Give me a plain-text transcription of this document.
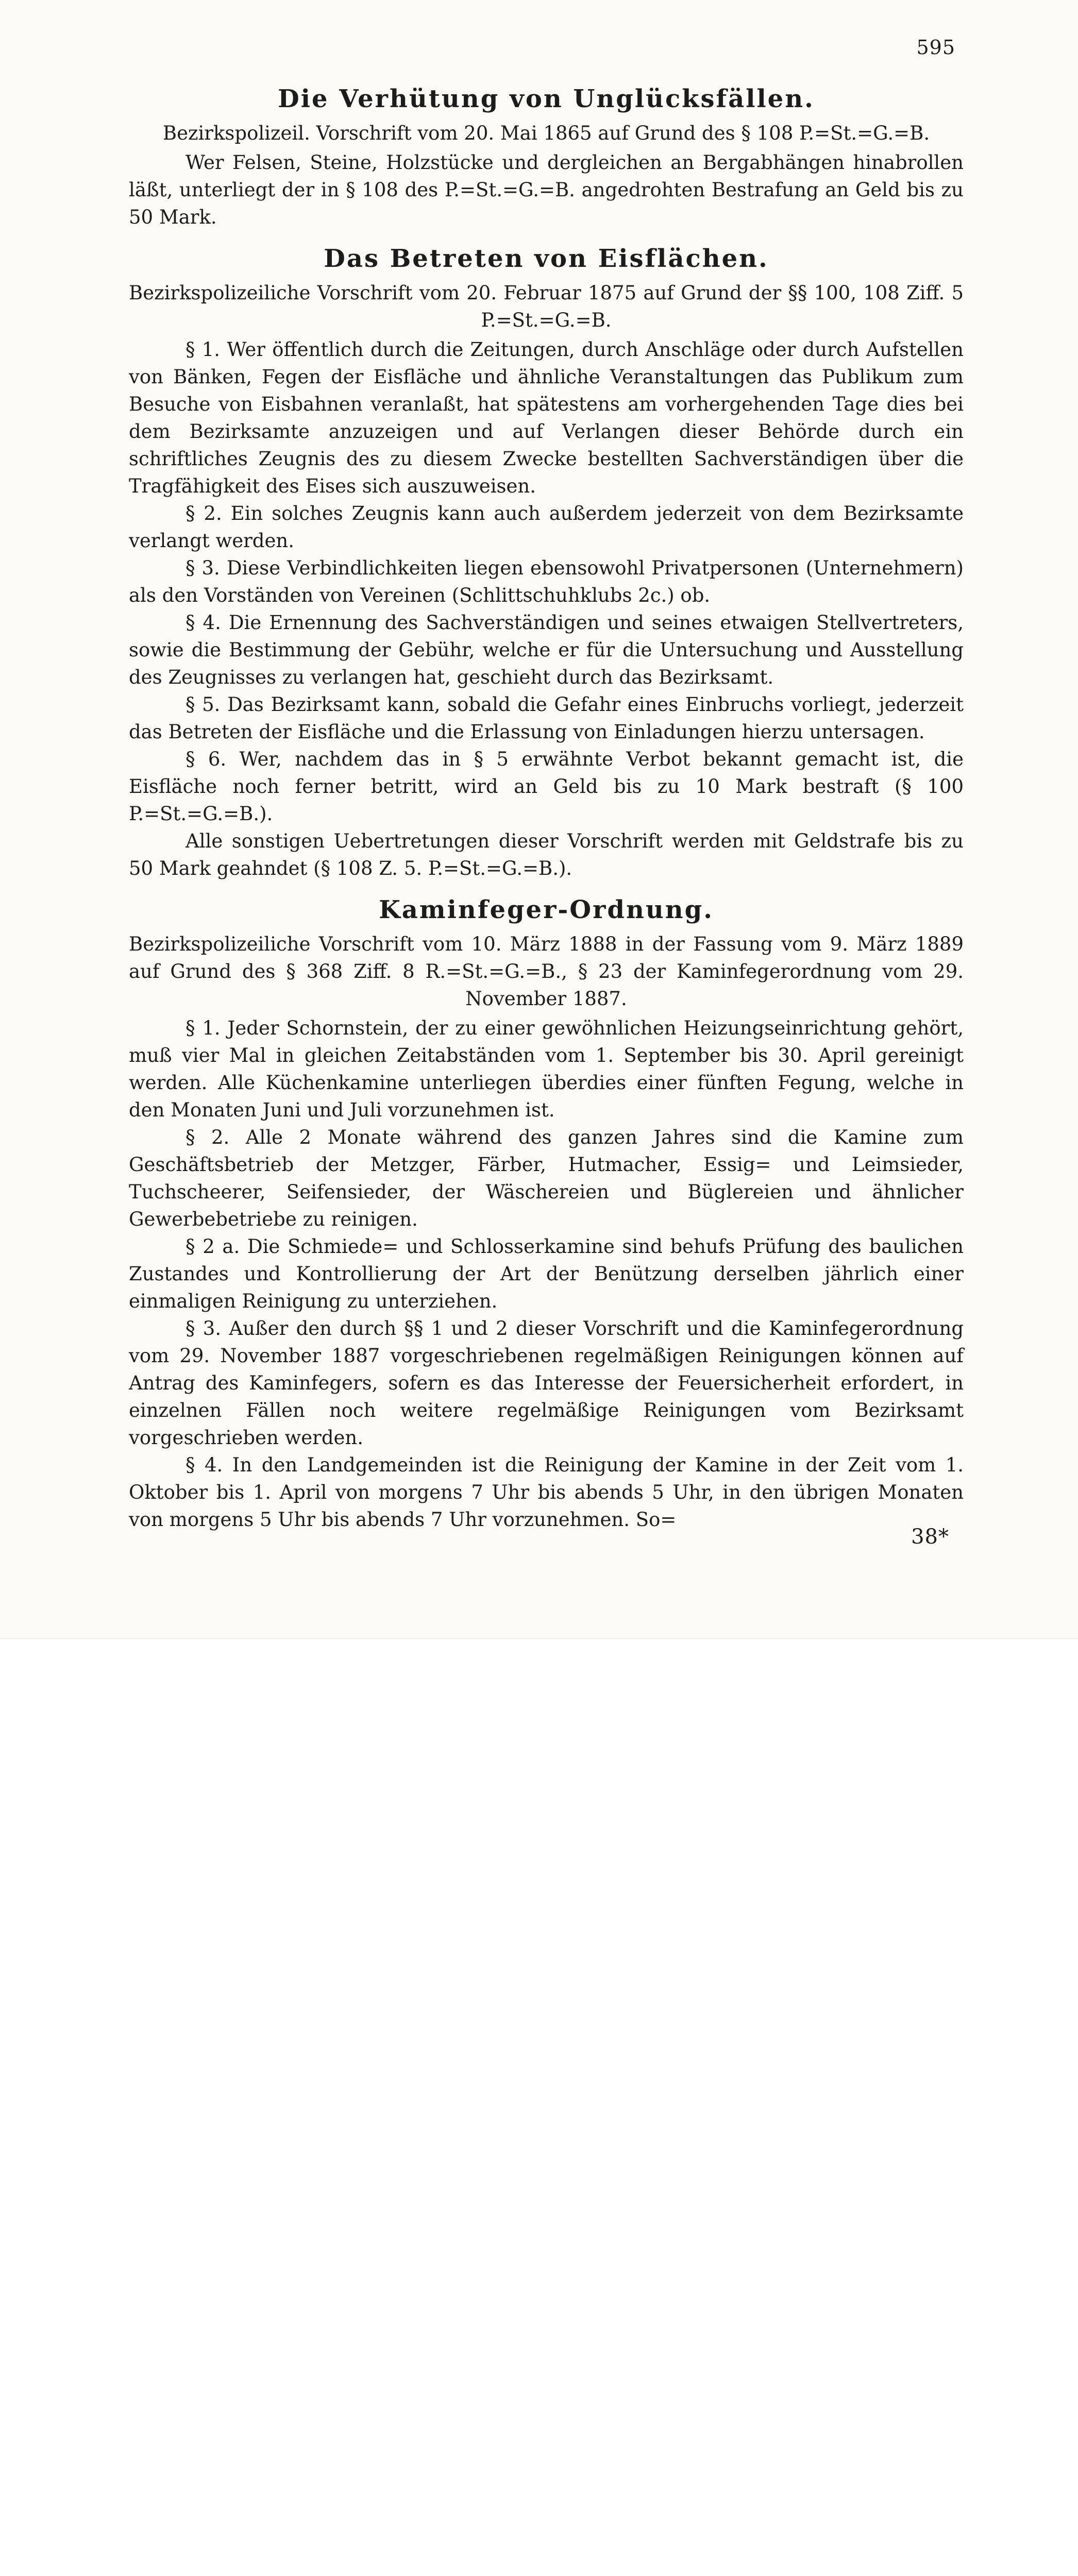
595
Die Verhütung von Unglücksfällen.

Bezirkspolizeil. Vorschrift vom 20. Mai 1865 auf Grund des § 108 P.=St.=G.=B.

Wer Felsen, Steine, Holzstücke und dergleichen an Bergabhängen hinabrollen läßt, unterliegt der in § 108 des P.=St.=G.=B. angedrohten Bestrafung an Geld bis zu 50 Mark.

Das Betreten von Eisflächen.

Bezirkspolizeiliche Vorschrift vom 20. Februar 1875 auf Grund der §§ 100, 108 Ziff. 5 P.=St.=G.=B.

§ 1. Wer öffentlich durch die Zeitungen, durch Anschläge oder durch Aufstellen von Bänken, Fegen der Eisfläche und ähnliche Veranstaltungen das Publikum zum Besuche von Eisbahnen veranlaßt, hat spätestens am vorhergehenden Tage dies bei dem Bezirksamte anzuzeigen und auf Verlangen dieser Behörde durch ein schriftliches Zeugnis des zu diesem Zwecke bestellten Sachverständigen über die Tragfähigkeit des Eises sich auszuweisen.

§ 2. Ein solches Zeugnis kann auch außerdem jederzeit von dem Bezirksamte verlangt werden.

§ 3. Diese Verbindlichkeiten liegen ebensowohl Privatpersonen (Unternehmern) als den Vorständen von Vereinen (Schlittschuhklubs 2c.) ob.

§ 4. Die Ernennung des Sachverständigen und seines etwaigen Stellvertreters, sowie die Bestimmung der Gebühr, welche er für die Untersuchung und Ausstellung des Zeugnisses zu verlangen hat, geschieht durch das Bezirksamt.

§ 5. Das Bezirksamt kann, sobald die Gefahr eines Einbruchs vorliegt, jederzeit das Betreten der Eisfläche und die Erlassung von Einladungen hierzu untersagen.

§ 6. Wer, nachdem das in § 5 erwähnte Verbot bekannt gemacht ist, die Eisfläche noch ferner betritt, wird an Geld bis zu 10 Mark bestraft (§ 100 P.=St.=G.=B.).

Alle sonstigen Uebertretungen dieser Vorschrift werden mit Geldstrafe bis zu 50 Mark geahndet (§ 108 Z. 5. P.=St.=G.=B.).

Kaminfeger-Ordnung.

Bezirkspolizeiliche Vorschrift vom 10. März 1888 in der Fassung vom 9. März 1889 auf Grund des § 368 Ziff. 8 R.=St.=G.=B., § 23 der Kaminfegerordnung vom 29. November 1887.

§ 1. Jeder Schornstein, der zu einer gewöhnlichen Heizungseinrichtung gehört, muß vier Mal in gleichen Zeitabständen vom 1. September bis 30. April gereinigt werden. Alle Küchenkamine unterliegen überdies einer fünften Fegung, welche in den Monaten Juni und Juli vorzunehmen ist.

§ 2. Alle 2 Monate während des ganzen Jahres sind die Kamine zum Geschäftsbetrieb der Metzger, Färber, Hutmacher, Essig= und Leimsieder, Tuchscheerer, Seifensieder, der Wäschereien und Büglereien und ähnlicher Gewerbebetriebe zu reinigen.

§ 2 a. Die Schmiede= und Schlosserkamine sind behufs Prüfung des baulichen Zustandes und Kontrollierung der Art der Benützung derselben jährlich einer einmaligen Reinigung zu unterziehen.

§ 3. Außer den durch §§ 1 und 2 dieser Vorschrift und die Kaminfegerordnung vom 29. November 1887 vorgeschriebenen regelmäßigen Reinigungen können auf Antrag des Kaminfegers, sofern es das Interesse der Feuersicherheit erfordert, in einzelnen Fällen noch weitere regelmäßige Reinigungen vom Bezirksamt vorgeschrieben werden.

§ 4. In den Landgemeinden ist die Reinigung der Kamine in der Zeit vom 1. Oktober bis 1. April von morgens 7 Uhr bis abends 5 Uhr, in den übrigen Monaten von morgens 5 Uhr bis abends 7 Uhr vorzunehmen. So=

38*
